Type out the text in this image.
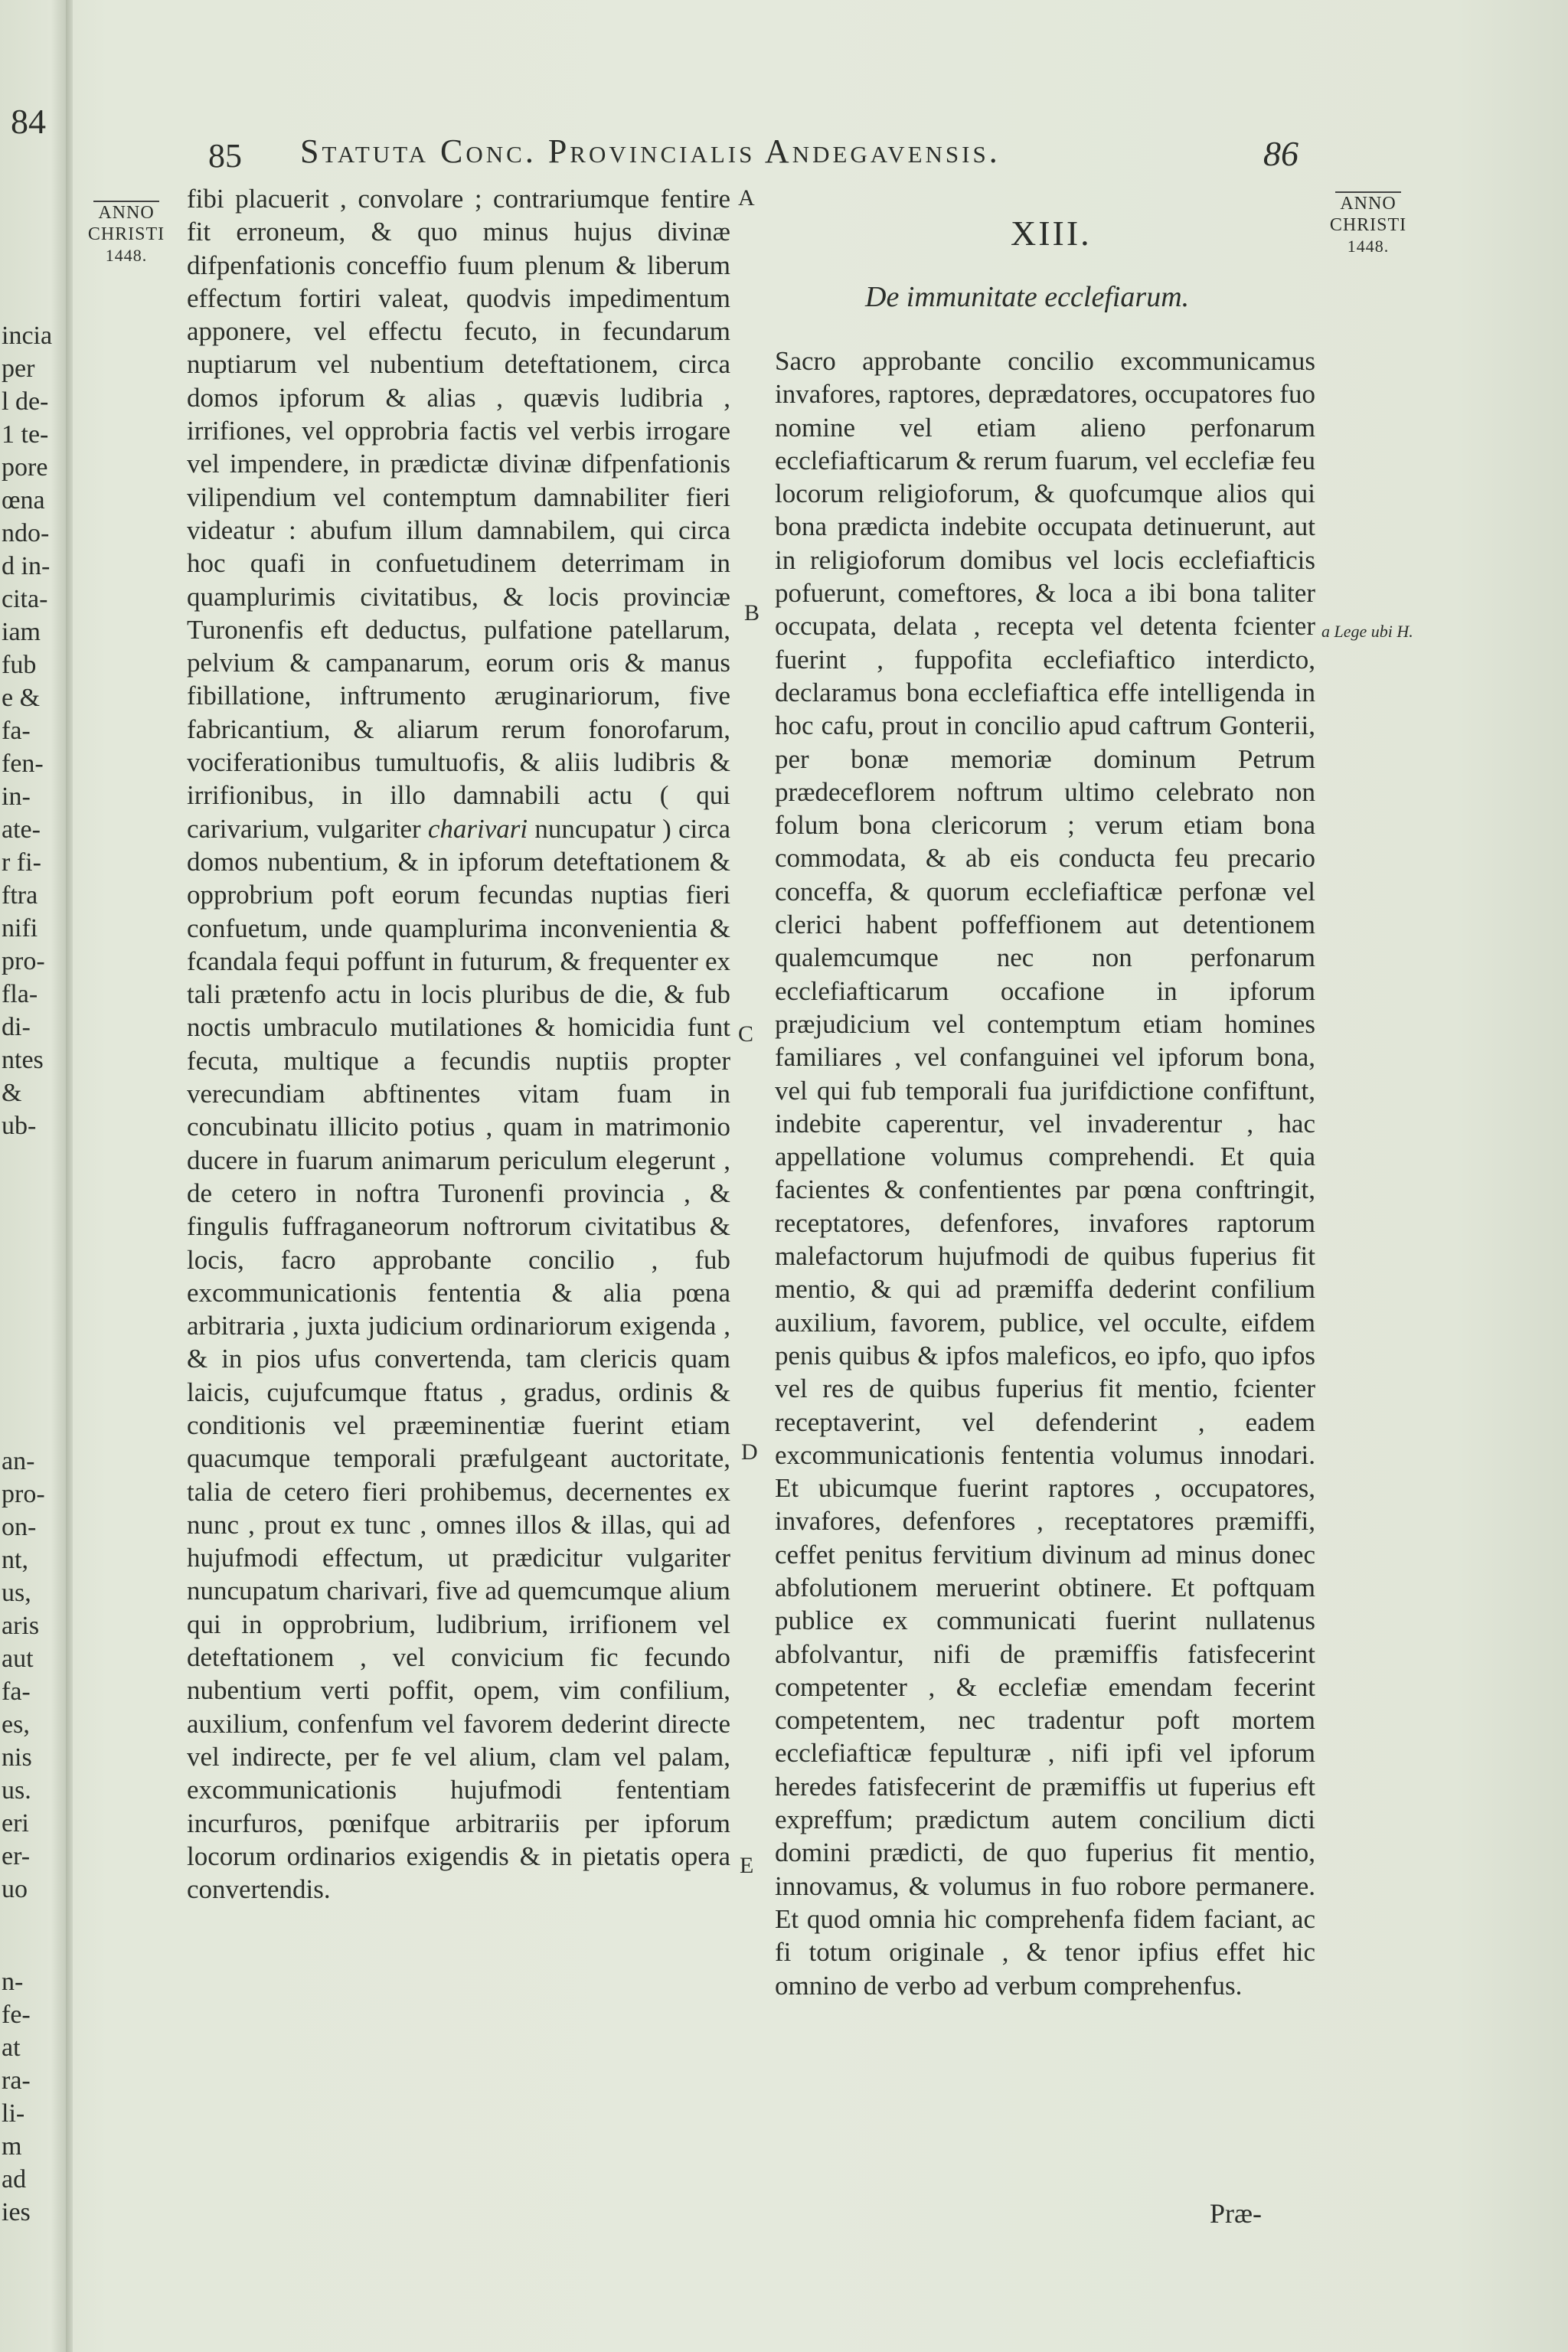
84
incia
per
l de-
1 te-
pore
œna
ndo-
d in-
cita-
iam
fub
e &
fa-
fen-
in-
ate-
r fi-
ftra
nifi
pro-
fla-
di-
ntes
&
ub-
an-
pro-
on-
nt,
us,
aris
aut
fa-
es,
nis
us.
eri
er-
uo
n-
fe-
at
ra-
li-
m
ad
ies
85 Statuta Conc. Provincialis Andegavensis.	86
ANNO
CHRISTI
1448.
ANNO
CHRISTI
1448.

fibi placuerit , convolare ; contrariumque fentire fit erroneum, & quo minus hujus divinæ difpenfationis conceffio fuum plenum & liberum effectum fortiri valeat, quodvis impedimentum apponere, vel effectu fecuto, in fecundarum nuptiarum vel nubentium deteftationem, circa domos ipforum & alias , quævis ludibria , irrifiones, vel opprobria factis vel verbis irrogare vel impendere, in prædictæ divinæ difpenfationis vilipendium vel contemptum damnabiliter fieri videatur : abufum illum damnabilem, qui circa hoc quafi in confuetudinem deterrimam in quamplurimis civitatibus, & locis provinciæ Turonenfis eft deductus, pulfatione patellarum, pelvium & campanarum, eorum oris & manus fibillatione, inftrumento æruginariorum, five fabricantium, & aliarum rerum fonorofarum, vociferationibus tumultuofis, & aliis ludibris & irrifionibus, in illo damnabili actu ( qui carivarium, vulgariter charivari nuncupatur ) circa domos nubentium, & in ipforum deteftationem & opprobrium poft eorum fecundas nuptias fieri confuetum, unde quamplurima inconvenientia & fcandala fequi poffunt in futurum, & frequenter ex tali prætenfo actu in locis pluribus de die, & fub noctis umbraculo mutilationes & homicidia funt fecuta, multique a fecundis nuptiis propter verecundiam abftinentes vitam fuam in concubinatu illicito potius , quam in matrimonio ducere in fuarum animarum periculum elegerunt , de cetero in noftra Turonenfi provincia , & fingulis fuffraganeorum noftrorum civitatibus & locis, facro approbante concilio , fub excommunicationis fententia & alia pœna arbitraria , juxta judicium ordinariorum exigenda , & in pios ufus convertenda, tam clericis quam laicis, cujufcumque ftatus , gradus, ordinis & conditionis vel præeminentiæ fuerint etiam quacumque temporali præfulgeant auctoritate, talia de cetero fieri prohibemus, decernentes ex nunc , prout ex tunc , omnes illos & illas, qui ad hujufmodi effectum, ut prædicitur vulgariter nuncupatum charivari, five ad quemcumque alium qui in opprobrium, ludibrium, irrifionem vel deteftationem , vel convicium fic fecundo nubentium verti poffit, opem, vim confilium, auxilium, confenfum vel favorem dederint directe vel indirecte, per fe vel alium, clam vel palam, excommunicationis hujufmodi fententiam incurfuros, pœnifque arbitrariis per ipforum locorum ordinarios exigendis & in pietatis opera convertendis.

A
B
C
D
E
XIII.
De immunitate ecclefiarum.

Sacro approbante concilio excommunicamus invafores, raptores, deprædatores, occupatores fuo nomine vel etiam alieno perfonarum ecclefiafticarum & rerum fuarum, vel ecclefiæ feu locorum religioforum, & quofcumque alios qui bona prædicta indebite occupata detinuerunt, aut in religioforum domibus vel locis ecclefiafticis pofuerunt, comeftores, & loca a ibi bona taliter occupata, delata , recepta vel detenta fcienter fuerint , fuppofita ecclefiaftico interdicto, declaramus bona ecclefiaftica effe intelligenda in hoc cafu, prout in concilio apud caftrum Gonterii, per bonæ memoriæ dominum Petrum prædeceflorem noftrum ultimo celebrato non folum bona clericorum ; verum etiam bona commodata, & ab eis conducta feu precario conceffa, & quorum ecclefiafticæ perfonæ vel clerici habent poffeffionem aut detentionem qualemcumque nec non perfonarum ecclefiafticarum occafione in ipforum præjudicium vel contemptum etiam homines familiares , vel confanguinei vel ipforum bona, vel qui fub temporali fua jurifdictione confiftunt, indebite caperentur, vel invaderentur , hac appellatione volumus comprehendi. Et quia facientes & confentientes par pœna conftringit, receptatores, defenfores, invafores raptorum malefactorum hujufmodi de quibus fuperius fit mentio, & qui ad præmiffa dederint confilium auxilium, favorem, publice, vel occulte, eifdem penis quibus & ipfos maleficos, eo ipfo, quo ipfos vel res de quibus fuperius fit mentio, fcienter receptaverint, vel defenderint , eadem excommunicationis fententia volumus innodari. Et ubicumque fuerint raptores , occupatores, invafores, defenfores , receptatores præmiffi, ceffet penitus fervitium divinum ad minus donec abfolutionem meruerint obtinere. Et poftquam publice ex communicati fuerint nullatenus abfolvantur, nifi de præmiffis fatisfecerint competenter , & ecclefiæ emendam fecerint competentem, nec tradentur poft mortem ecclefiafticæ fepulturæ , nifi ipfi vel ipforum heredes fatisfecerint de præmiffis ut fuperius eft expreffum; prædictum autem concilium dicti domini prædicti, de quo fuperius fit mentio, innovamus, & volumus in fuo robore permanere. Et quod omnia hic comprehenfa fidem faciant, ac fi totum originale , & tenor ipfius effet hic omnino de verbo ad verbum comprehenfus.

a Lege ubi H.
Præ-
